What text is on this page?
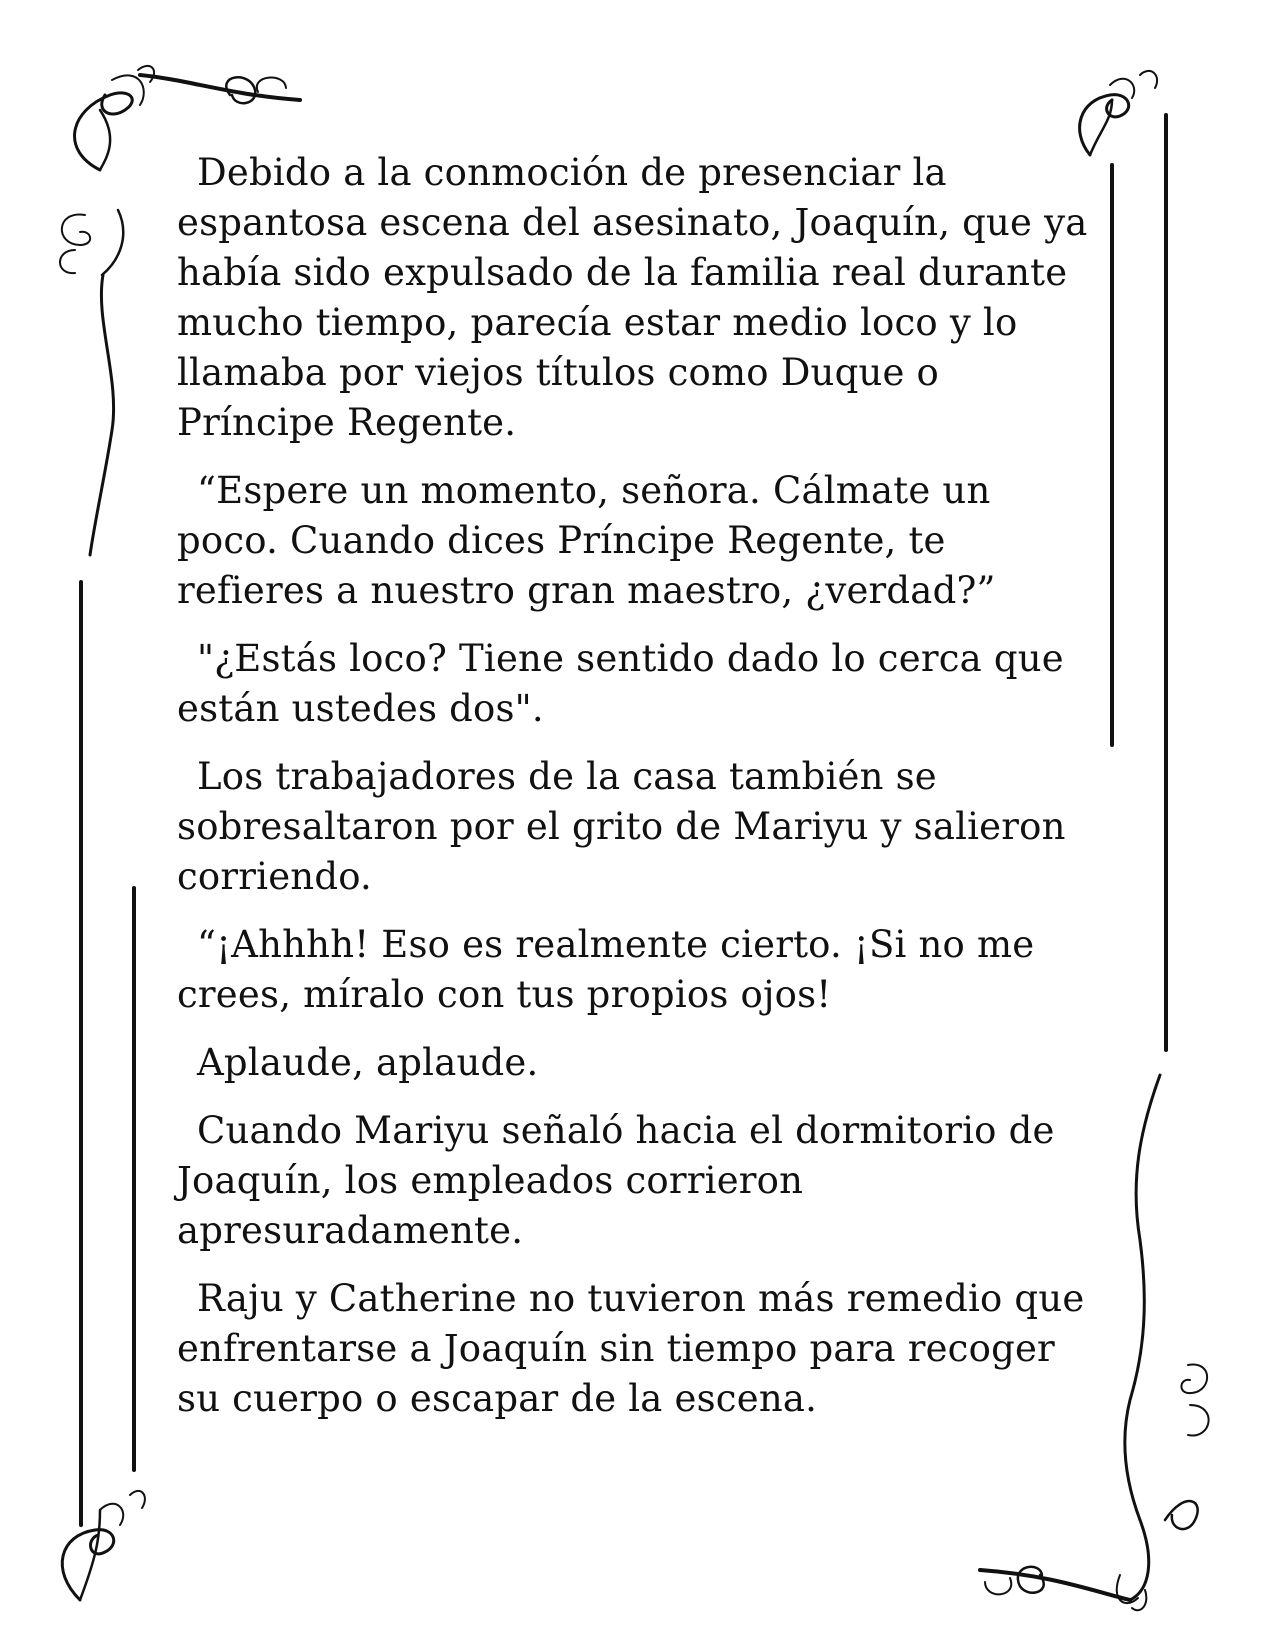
Debido a la conmoción de presenciar la espantosa escena del asesinato, Joaquín, que ya había sido expulsado de la familia real durante mucho tiempo, parecía estar medio loco y lo llamaba por viejos títulos como Duque o Príncipe Regente.

“Espere un momento, señora. Cálmate un poco. Cuando dices Príncipe Regente, te refieres a nuestro gran maestro, ¿verdad?”

"¿Estás loco? Tiene sentido dado lo cerca que están ustedes dos".

Los trabajadores de la casa también se sobresaltaron por el grito de Mariyu y salieron corriendo.

“¡Ahhhh! Eso es realmente cierto. ¡Si no me crees, míralo con tus propios ojos!

Aplaude, aplaude.

Cuando Mariyu señaló hacia el dormitorio de Joaquín, los empleados corrieron apresuradamente.

Raju y Catherine no tuvieron más remedio que enfrentarse a Joaquín sin tiempo para recoger su cuerpo o escapar de la escena.
